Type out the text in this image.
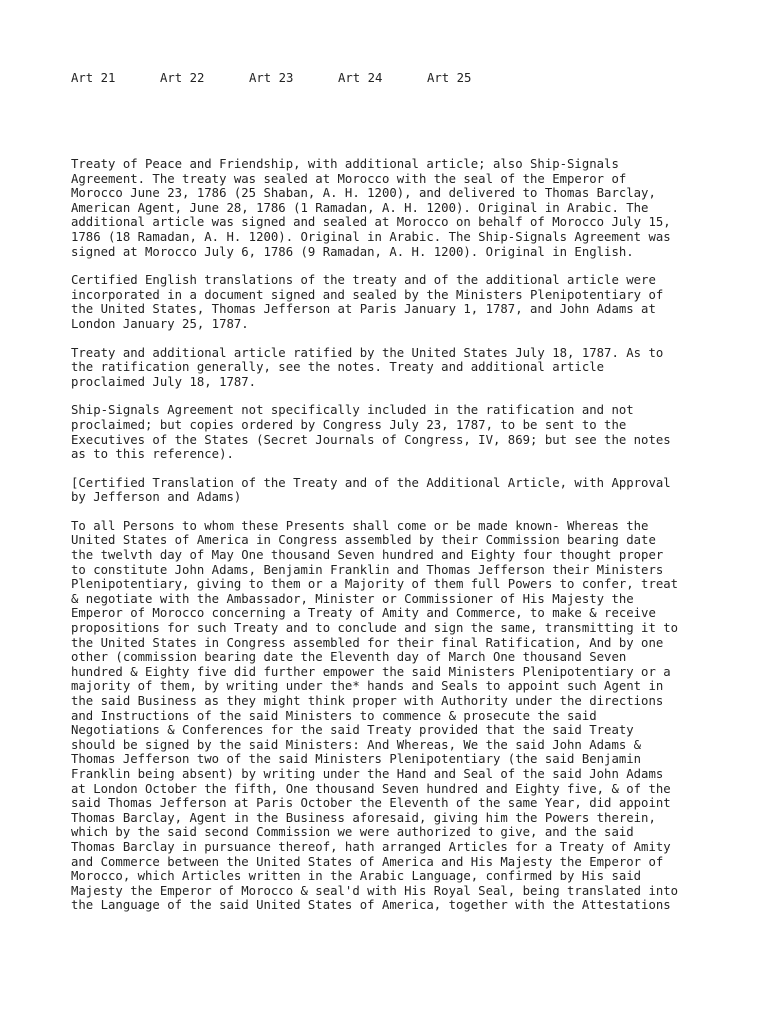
Art 21	Art 22	Art 23	Art 24	Art 25

Treaty of Peace and Friendship, with additional article; also Ship-Signals
Agreement. The treaty was sealed at Morocco with the seal of the Emperor of
Morocco June 23, 1786 (25 Shaban, A. H. 1200), and delivered to Thomas Barclay,
American Agent, June 28, 1786 (1 Ramadan, A. H. 1200). Original in Arabic. The
additional article was signed and sealed at Morocco on behalf of Morocco July 15,
1786 (18 Ramadan, A. H. 1200). Original in Arabic. The Ship-Signals Agreement was
signed at Morocco July 6, 1786 (9 Ramadan, A. H. 1200). Original in English.

Certified English translations of the treaty and of the additional article were
incorporated in a document signed and sealed by the Ministers Plenipotentiary of
the United States, Thomas Jefferson at Paris January 1, 1787, and John Adams at
London January 25, 1787.

Treaty and additional article ratified by the United States July 18, 1787. As to
the ratification generally, see the notes. Treaty and additional article
proclaimed July 18, 1787.

Ship-Signals Agreement not specifically included in the ratification and not
proclaimed; but copies ordered by Congress July 23, 1787, to be sent to the
Executives of the States (Secret Journals of Congress, IV, 869; but see the notes
as to this reference).

[Certified Translation of the Treaty and of the Additional Article, with Approval
by Jefferson and Adams)

To all Persons to whom these Presents shall come or be made known- Whereas the
United States of America in Congress assembled by their Commission bearing date
the twelvth day of May One thousand Seven hundred and Eighty four thought proper
to constitute John Adams, Benjamin Franklin and Thomas Jefferson their Ministers
Plenipotentiary, giving to them or a Majority of them full Powers to confer, treat
& negotiate with the Ambassador, Minister or Commissioner of His Majesty the
Emperor of Morocco concerning a Treaty of Amity and Commerce, to make & receive
propositions for such Treaty and to conclude and sign the same, transmitting it to
the United States in Congress assembled for their final Ratification, And by one
other (commission bearing date the Eleventh day of March One thousand Seven
hundred & Eighty five did further empower the said Ministers Plenipotentiary or a
majority of them, by writing under the* hands and Seals to appoint such Agent in
the said Business as they might think proper with Authority under the directions
and Instructions of the said Ministers to commence & prosecute the said
Negotiations & Conferences for the said Treaty provided that the said Treaty
should be signed by the said Ministers: And Whereas, We the said John Adams &
Thomas Jefferson two of the said Ministers Plenipotentiary (the said Benjamin
Franklin being absent) by writing under the Hand and Seal of the said John Adams
at London October the fifth, One thousand Seven hundred and Eighty five, & of the
said Thomas Jefferson at Paris October the Eleventh of the same Year, did appoint
Thomas Barclay, Agent in the Business aforesaid, giving him the Powers therein,
which by the said second Commission we were authorized to give, and the said
Thomas Barclay in pursuance thereof, hath arranged Articles for a Treaty of Amity
and Commerce between the United States of America and His Majesty the Emperor of
Morocco, which Articles written in the Arabic Language, confirmed by His said
Majesty the Emperor of Morocco & seal'd with His Royal Seal, being translated into
the Language of the said United States of America, together with the Attestations
